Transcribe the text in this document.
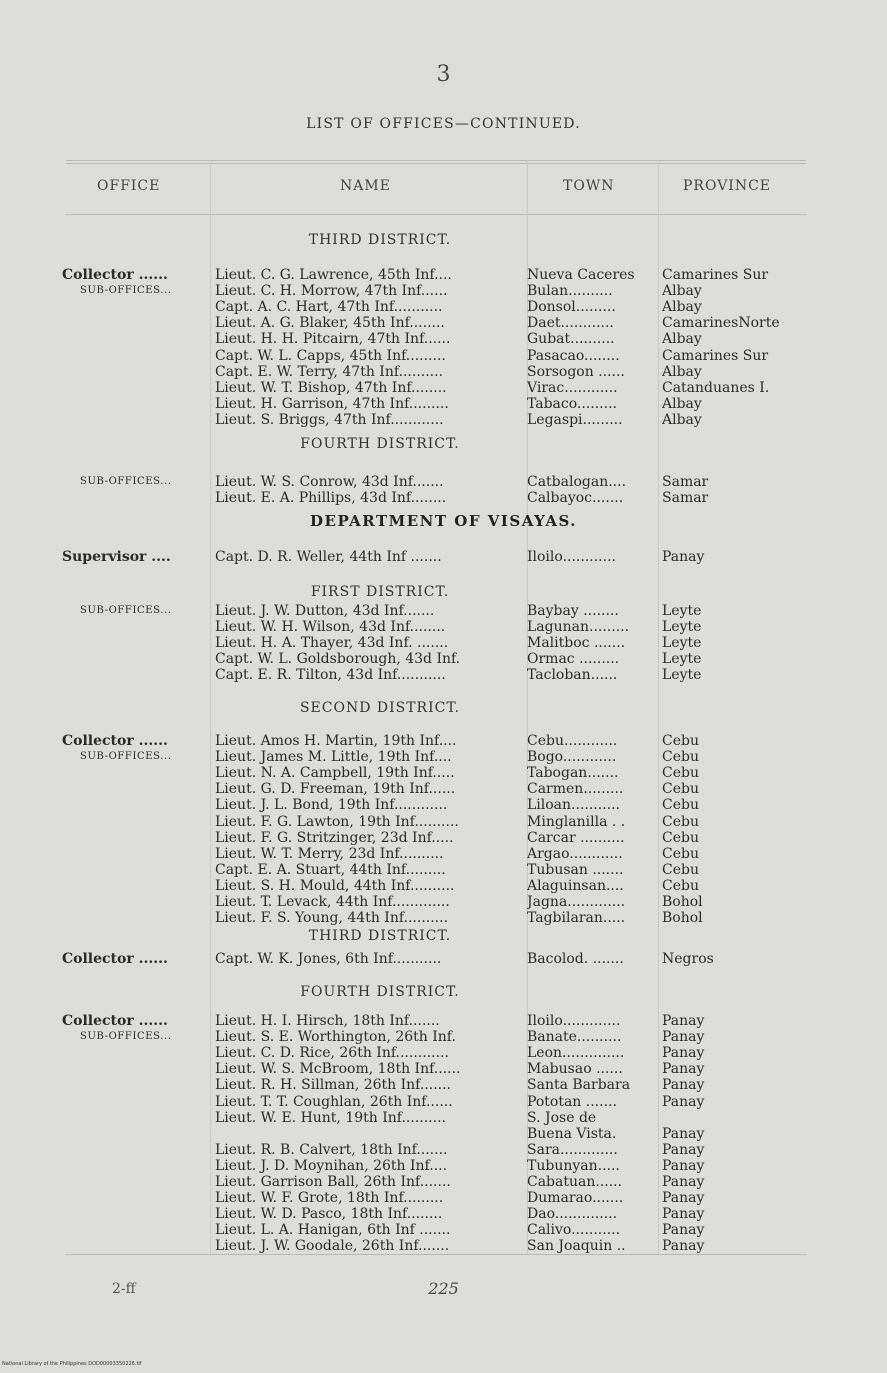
3
LIST OF OFFICES—CONTINUED.
OFFICE	NAME	TOWN	PROVINCE
THIRD DISTRICT.
Collector ......	Lieut. C. G. Lawrence, 45th Inf....	Nueva Caceres	Camarines Sur
SUB-OFFICES...	Lieut. C. H. Morrow, 47th Inf......	Bulan..........	Albay
Capt. A. C. Hart, 47th Inf...........	Donsol.........	Albay
Lieut. A. G. Blaker, 45th Inf........	Daet............	CamarinesNorte
Lieut. H. H. Pitcairn, 47th Inf......	Gubat..........	Albay
Capt. W. L. Capps, 45th Inf.........	Pasacao........	Camarines Sur
Capt. E. W. Terry, 47th Inf..........	Sorsogon ......	Albay
Lieut. W. T. Bishop, 47th Inf........	Virac............	Catanduanes I.
Lieut. H. Garrison, 47th Inf.........	Tabaco.........	Albay
Lieut. S. Briggs, 47th Inf............	Legaspi.........	Albay
FOURTH DISTRICT.
SUB-OFFICES...	Lieut. W. S. Conrow, 43d Inf.......	Catbalogan....	Samar
Lieut. E. A. Phillips, 43d Inf........	Calbayoc.......	Samar
DEPARTMENT OF VISAYAS.
Supervisor ....	Capt. D. R. Weller, 44th Inf .......	Iloilo............	Panay
FIRST DISTRICT.
SUB-OFFICES...	Lieut. J. W. Dutton, 43d Inf.......	Baybay ........	Leyte
Lieut. W. H. Wilson, 43d Inf........	Lagunan.........	Leyte
Lieut. H. A. Thayer, 43d Inf. .......	Malitboc .......	Leyte
Capt. W. L. Goldsborough, 43d Inf.	Ormac .........	Leyte
Capt. E. R. Tilton, 43d Inf...........	Tacloban......	Leyte
SECOND DISTRICT.
Collector ......	Lieut. Amos H. Martin, 19th Inf....	Cebu............	Cebu
SUB-OFFICES...	Lieut. James M. Little, 19th Inf....	Bogo............	Cebu
Lieut. N. A. Campbell, 19th Inf.....	Tabogan.......	Cebu
Lieut. G. D. Freeman, 19th Inf......	Carmen.........	Cebu
Lieut. J. L. Bond, 19th Inf............	Liloan...........	Cebu
Lieut. F. G. Lawton, 19th Inf..........	Minglanilla . .	Cebu
Lieut. F. G. Stritzinger, 23d Inf.....	Carcar ..........	Cebu
Lieut. W. T. Merry, 23d Inf..........	Argao............	Cebu
Capt. E. A. Stuart, 44th Inf.........	Tubusan .......	Cebu
Lieut. S. H. Mould, 44th Inf..........	Alaguinsan....	Cebu
Lieut. T. Levack, 44th Inf.............	Jagna.............	Bohol
Lieut. F. S. Young, 44th Inf..........	Tagbilaran.....	Bohol
THIRD DISTRICT.
Collector ......	Capt. W. K. Jones, 6th Inf...........	Bacolod. .......	Negros
FOURTH DISTRICT.
Collector ......	Lieut. H. I. Hirsch, 18th Inf.......	Iloilo.............	Panay
SUB-OFFICES...	Lieut. S. E. Worthington, 26th Inf.	Banate..........	Panay
Lieut. C. D. Rice, 26th Inf............	Leon..............	Panay
Lieut. W. S. McBroom, 18th Inf......	Mabusao ......	Panay
Lieut. R. H. Sillman, 26th Inf.......	Santa Barbara	Panay
Lieut. T. T. Coughlan, 26th Inf......	Pototan .......	Panay
Lieut. W. E. Hunt, 19th Inf..........	S. Jose de
Buena Vista.	Panay
Lieut. R. B. Calvert, 18th Inf.......	Sara.............	Panay
Lieut. J. D. Moynihan, 26th Inf....	Tubunyan.....	Panay
Lieut. Garrison Ball, 26th Inf.......	Cabatuan......	Panay
Lieut. W. F. Grote, 18th Inf.........	Dumarao.......	Panay
Lieut. W. D. Pasco, 18th Inf........	Dao..............	Panay
Lieut. L. A. Hanigan, 6th Inf .......	Calivo...........	Panay
Lieut. J. W. Goodale, 26th Inf.......	San Joaquin ..	Panay
2-ff	225
National Library of the Philippines DOD00003350226.tif
